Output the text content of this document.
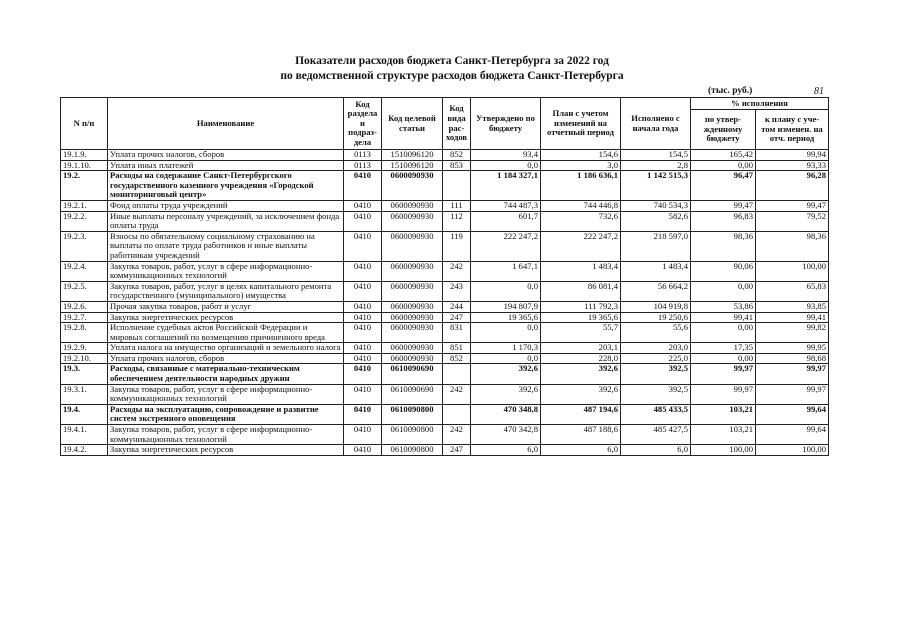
Показатели расходов бюджета Санкт-Петербурга за 2022 год
по ведомственной структуре расходов бюджета Санкт-Петербурга
(тыс. руб.)	81
N п/п	Наименование	Код раздела и подраз-дела	Код целевой статьи	Код вида рас-ходов	Утверждено по бюджету	План с учетом изменений на отчетный период	Исполнено с начала года	% исполнения	
								по утвер-жденному бюджету	к плану с уче-том изменен. на отч. период
19.1.9.	Уплата прочих налогов, сборов	0113	1510096120	852	93,4	154,6	154,5	165,42	99,94
19.1.10.	Уплата иных платежей	0113	1510096120	853	0,0	3,0	2,8	0,00	93,33
19.2.	Расходы на содержание Санкт-Петербургского государственного казенного учреждения «Городской мониторинговый центр»	0410	0600090930		1 184 327,1	1 186 636,1	1 142 515,3	96,47	96,28
19.2.1.	Фонд оплаты труда учреждений	0410	0600090930	111	744 487,3	744 446,8	740 534,3	99,47	99,47
19.2.2.	Иные выплаты персоналу учреждений, за исключением фонда оплаты труда	0410	0600090930	112	601,7	732,6	582,6	96,83	79,52
19.2.3.	Взносы по обязательному социальному страхованию на выплаты по оплате труда работников и иные выплаты работникам учреждений	0410	0600090930	119	222 247,2	222 247,2	218 597,0	98,36	98,36
19.2.4.	Закупка товаров, работ, услуг в сфере информационно-коммуникационных технологий	0410	0600090930	242	1 647,1	1 483,4	1 483,4	90,06	100,00
19.2.5.	Закупка товаров, работ, услуг в целях капитального ремонта государственного (муниципального) имущества	0410	0600090930	243	0,0	86 081,4	56 664,2	0,00	65,83
19.2.6.	Прочая закупка товаров, работ и услуг	0410	0600090930	244	194 807,9	111 792,3	104 919,8	53,86	93,85
19.2.7.	Закупка энергетических ресурсов	0410	0600090930	247	19 365,6	19 365,6	19 250,6	99,41	99,41
19.2.8.	Исполнение судебных актов Российской Федерации и мировых соглашений по возмещению причиненного вреда	0410	0600090930	831	0,0	55,7	55,6	0,00	99,82
19.2.9.	Уплата налога на имущество организаций и земельного налога	0410	0600090930	851	1 170,3	203,1	203,0	17,35	99,95
19.2.10.	Уплата прочих налогов, сборов	0410	0600090930	852	0,0	228,0	225,0	0,00	98,68
19.3.	Расходы, связанные с материально-техническим обеспечением деятельности народных дружин	0410	0610090690		392,6	392,6	392,5	99,97	99,97
19.3.1.	Закупка товаров, работ, услуг в сфере информационно-коммуникационных технологий	0410	0610090690	242	392,6	392,6	392,5	99,97	99,97
19.4.	Расходы на эксплуатацию, сопровождение и развитие систем экстренного оповещения	0410	0610090800		470 348,8	487 194,6	485 433,5	103,21	99,64
19.4.1.	Закупка товаров, работ, услуг в сфере информационно-коммуникационных технологий	0410	0610090800	242	470 342,8	487 188,6	485 427,5	103,21	99,64
19.4.2.	Закупка энергетических ресурсов	0410	0610090800	247	6,0	6,0	6,0	100,00	100,00
